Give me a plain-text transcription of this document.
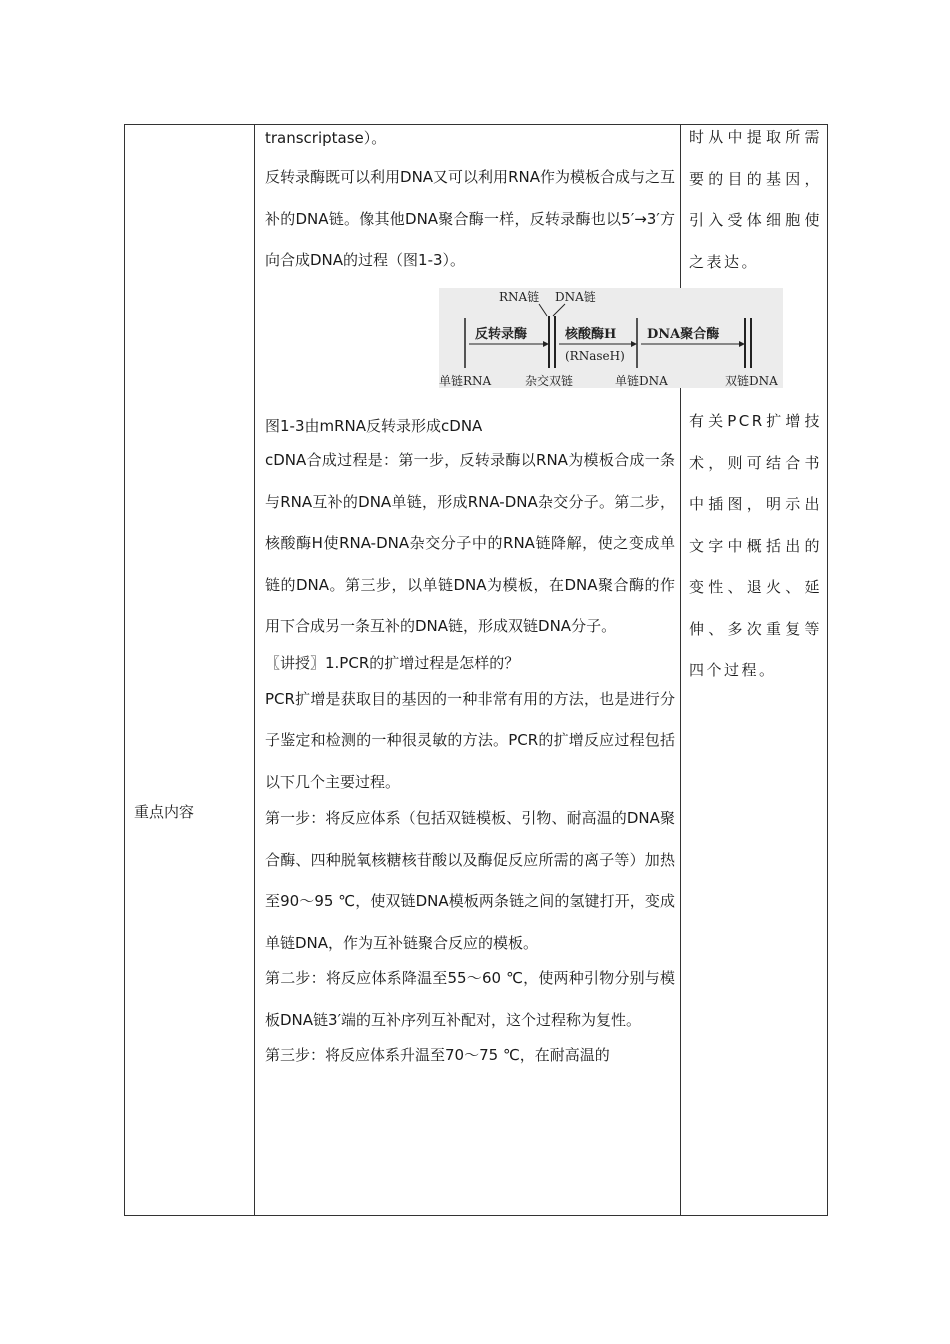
重点内容

transcriptase）。

反转录酶既可以利用DNA又可以利用RNA作为模板合成与之互补的DNA链。像其他DNA聚合酶一样，反转录酶也以5′→3′方向合成DNA的过程（图1-3）。

RNA链 DNA链
反转录酶	核酸酶H
(RNaseH)
DNA聚合酶
单链RNA	杂交双链	单链DNA	双链DNA

图1-3由mRNA反转录形成cDNA

cDNA合成过程是：第一步，反转录酶以RNA为模板合成一条与RNA互补的DNA单链，形成RNA-DNA杂交分子。第二步，核酸酶H使RNA-DNA杂交分子中的RNA链降解，使之变成单链的DNA。第三步，以单链DNA为模板，在DNA聚合酶的作用下合成另一条互补的DNA链，形成双链DNA分子。

〖讲授〗1.PCR的扩增过程是怎样的？

PCR扩增是获取目的基因的一种非常有用的方法，也是进行分子鉴定和检测的一种很灵敏的方法。PCR的扩增反应过程包括以下几个主要过程。

第一步：将反应体系（包括双链模板、引物、耐高温的DNA聚合酶、四种脱氧核糖核苷酸以及酶促反应所需的离子等）加热至90～95 ℃，使双链DNA模板两条链之间的氢键打开，变成单链DNA，作为互补链聚合反应的模板。

第二步：将反应体系降温至55～60 ℃，使两种引物分别与模板DNA链3′端的互补序列互补配对，这个过程称为复性。

第三步：将反应体系升温至70～75 ℃，在耐高温的

时从中提取所需要的目的基因，引入受体细胞使之表达。

有关PCR扩增技术，则可结合书中插图，明示出文字中概括出的变性、退火、延伸、多次重复等四个过程。
